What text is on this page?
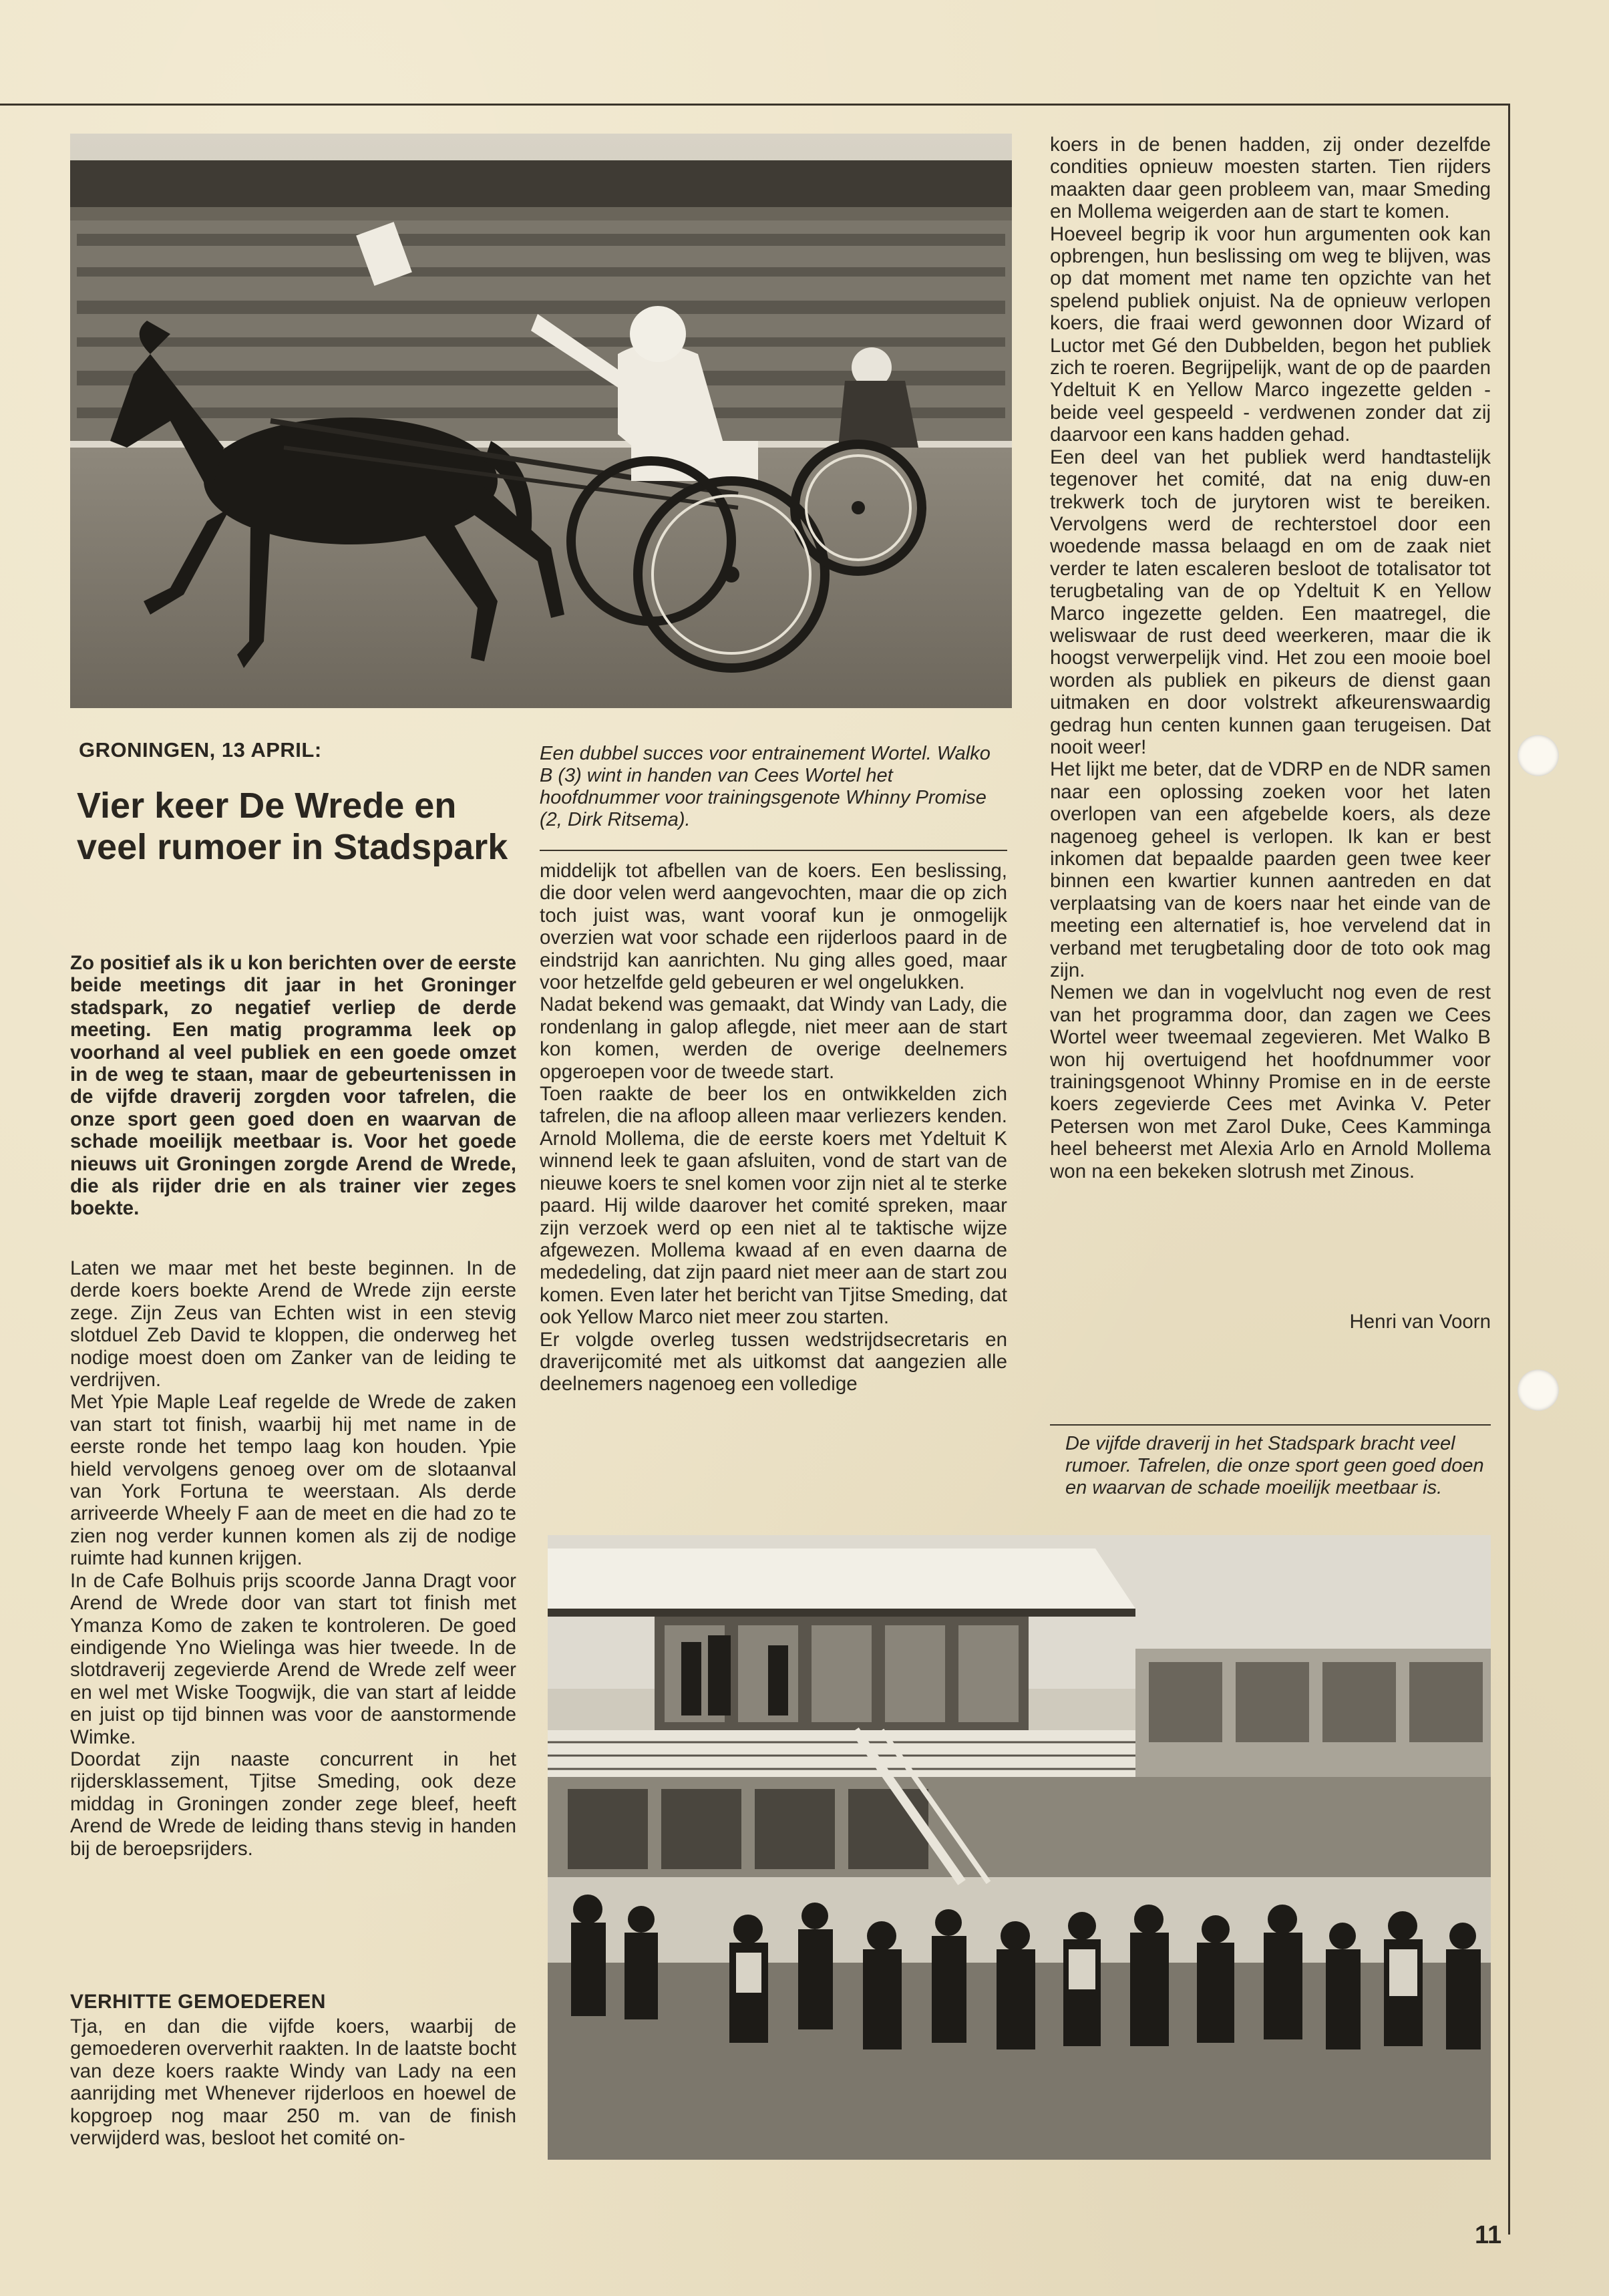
GRONINGEN, 13 APRIL:
Vier keer De Wrede en veel rumoer in Stadspark

Zo positief als ik u kon berichten over de eerste beide meetings dit jaar in het Groninger stadspark, zo negatief verliep de derde meeting. Een matig programma leek op voorhand al veel publiek en een goede omzet in de weg te staan, maar de gebeurtenissen in de vijfde draverij zorgden voor tafrelen, die onze sport geen goed doen en waarvan de schade moeilijk meetbaar is. Voor het goede nieuws uit Groningen zorgde Arend de Wrede, die als rijder drie en als trainer vier zeges boekte.

Laten we maar met het beste beginnen. In de derde koers boekte Arend de Wrede zijn eerste zege. Zijn Zeus van Echten wist in een stevig slotduel Zeb David te kloppen, die onderweg het nodige moest doen om Zanker van de leiding te verdrijven.

Met Ypie Maple Leaf regelde de Wrede de zaken van start tot finish, waarbij hij met name in de eerste ronde het tempo laag kon houden. Ypie hield vervolgens genoeg over om de slotaanval van York Fortuna te weerstaan. Als derde arriveerde Wheely F aan de meet en die had zo te zien nog verder kunnen komen als zij de nodige ruimte had kunnen krijgen.

In de Cafe Bolhuis prijs scoorde Janna Dragt voor Arend de Wrede door van start tot finish met Ymanza Komo de zaken te kontroleren. De goed eindigende Yno Wielinga was hier tweede. In de slotdraverij zegevierde Arend de Wrede zelf weer en wel met Wiske Toogwijk, die van start af leidde en juist op tijd binnen was voor de aanstormende Wimke.

Doordat zijn naaste concurrent in het rijdersklassement, Tjitse Smeding, ook deze middag in Groningen zonder zege bleef, heeft Arend de Wrede de leiding thans stevig in handen bij de beroepsrijders.

VERHITTE GEMOEDEREN

Tja, en dan die vijfde koers, waarbij de gemoederen oververhit raakten. In de laatste bocht van deze koers raakte Windy van Lady na een aanrijding met Whenever rijderloos en hoewel de kopgroep nog maar 250 m. van de finish verwijderd was, besloot het comité on-

Een dubbel succes voor entrainement Wortel. Walko B (3) wint in handen van Cees Wortel het hoofdnummer voor trainingsgenote Whinny Promise (2, Dirk Ritsema).

middelijk tot afbellen van de koers. Een beslissing, die door velen werd aangevochten, maar die op zich toch juist was, want vooraf kun je onmogelijk overzien wat voor schade een rijderloos paard in de eindstrijd kan aanrichten. Nu ging alles goed, maar voor hetzelfde geld gebeuren er wel ongelukken.

Nadat bekend was gemaakt, dat Windy van Lady, die rondenlang in galop aflegde, niet meer aan de start kon komen, werden de overige deelnemers opgeroepen voor de tweede start.

Toen raakte de beer los en ontwikkelden zich tafrelen, die na afloop alleen maar verliezers kenden. Arnold Mollema, die de eerste koers met Ydeltuit K winnend leek te gaan afsluiten, vond de start van de nieuwe koers te snel komen voor zijn niet al te sterke paard. Hij wilde daarover het comité spreken, maar zijn verzoek werd op een niet al te taktische wijze afgewezen. Mollema kwaad af en even daarna de mededeling, dat zijn paard niet meer aan de start zou komen. Even later het bericht van Tjitse Smeding, dat ook Yellow Marco niet meer zou starten.

Er volgde overleg tussen wedstrijdsecretaris en draverijcomité met als uitkomst dat aangezien alle deelnemers nagenoeg een volledige

koers in de benen hadden, zij onder dezelfde condities opnieuw moesten starten. Tien rijders maakten daar geen probleem van, maar Smeding en Mollema weigerden aan de start te komen.

Hoeveel begrip ik voor hun argumenten ook kan opbrengen, hun beslissing om weg te blijven, was op dat moment met name ten opzichte van het spelend publiek onjuist. Na de opnieuw verlopen koers, die fraai werd gewonnen door Wizard of Luctor met Gé den Dubbelden, begon het publiek zich te roeren. Begrijpelijk, want de op de paarden Ydeltuit K en Yellow Marco ingezette gelden - beide veel gespeeld - verdwenen zonder dat zij daarvoor een kans hadden gehad.

Een deel van het publiek werd handtastelijk tegenover het comité, dat na enig duw-en trekwerk toch de jurytoren wist te bereiken. Vervolgens werd de rechterstoel door een woedende massa belaagd en om de zaak niet verder te laten escaleren besloot de totalisator tot terugbetaling van de op Ydeltuit K en Yellow Marco ingezette gelden. Een maatregel, die weliswaar de rust deed weerkeren, maar die ik hoogst verwerpelijk vind. Het zou een mooie boel worden als publiek en pikeurs de dienst gaan uitmaken en door volstrekt afkeurenswaardig gedrag hun centen kunnen gaan terugeisen. Dat nooit weer!

Het lijkt me beter, dat de VDRP en de NDR samen naar een oplossing zoeken voor het laten overlopen van een afgebelde koers, als deze nagenoeg geheel is verlopen. Ik kan er best inkomen dat bepaalde paarden geen twee keer binnen een kwartier kunnen aantreden en dat verplaatsing van de koers naar het einde van de meeting een alternatief is, hoe vervelend dat in verband met terugbetaling door de toto ook mag zijn.

Nemen we dan in vogelvlucht nog even de rest van het programma door, dan zagen we Cees Wortel weer tweemaal zegevieren. Met Walko B won hij overtuigend het hoofdnummer voor trainingsgenoot Whinny Promise en in de eerste koers zegevierde Cees met Avinka V. Peter Petersen won met Zarol Duke, Cees Kamminga heel beheerst met Alexia Arlo en Arnold Mollema won na een bekeken slotrush met Zinous.

Henri van Voorn

De vijfde draverij in het Stadspark bracht veel rumoer. Tafrelen, die onze sport geen goed doen en waarvan de schade moeilijk meetbaar is.

11
